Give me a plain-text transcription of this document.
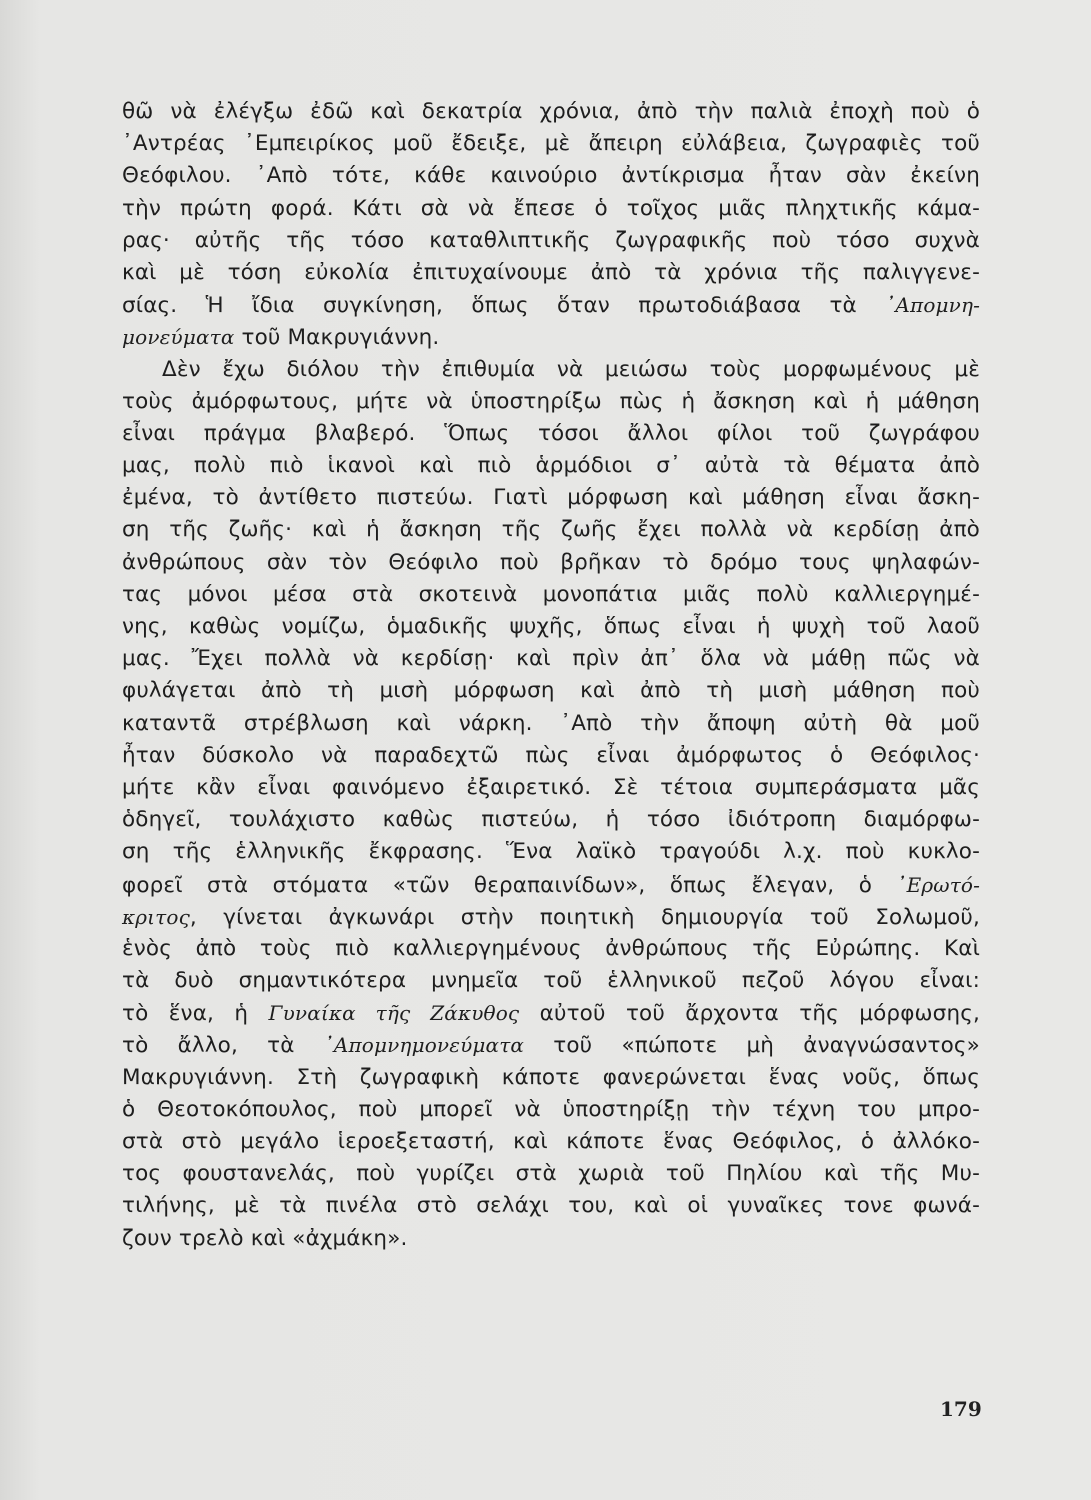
θῶ νὰ ἐλέγξω ἐδῶ καὶ δεκατρία χρόνια, ἀπὸ τὴν παλιὰ ἐποχὴ ποὺ ὁ
᾿Αντρέας ᾿Εμπειρίκος μοῦ ἔδειξε, μὲ ἄπειρη εὐλάβεια, ζωγραφιὲς τοῦ
Θεόφιλου. ᾿Απὸ τότε, κάθε καινούριο ἀντίκρισμα ἦταν σὰν ἐκείνη
τὴν πρώτη φορά. Κάτι σὰ νὰ ἔπεσε ὁ τοῖχος μιᾶς πληχτικῆς κάμα-
ρας· αὐτῆς τῆς τόσο καταθλιπτικῆς ζωγραφικῆς ποὺ τόσο συχνὰ
καὶ μὲ τόση εὐκολία ἐπιτυχαίνουμε ἀπὸ τὰ χρόνια τῆς παλιγγενε-
σίας. Ἡ ἴδια συγκίνηση, ὅπως ὅταν πρωτοδιάβασα τὰ ᾿Απομνη-
μονεύματα τοῦ Μακρυγιάννη.
Δὲν ἔχω διόλου τὴν ἐπιθυμία νὰ μειώσω τοὺς μορφωμένους μὲ
τοὺς ἀμόρφωτους, μήτε νὰ ὑποστηρίξω πὼς ἡ ἄσκηση καὶ ἡ μάθηση
εἶναι πράγμα βλαβερό. Ὅπως τόσοι ἄλλοι φίλοι τοῦ ζωγράφου
μας, πολὺ πιὸ ἱκανοὶ καὶ πιὸ ἁρμόδιοι σ᾿ αὐτὰ τὰ θέματα ἀπὸ
ἐμένα, τὸ ἀντίθετο πιστεύω. Γιατὶ μόρφωση καὶ μάθηση εἶναι ἄσκη-
ση τῆς ζωῆς· καὶ ἡ ἄσκηση τῆς ζωῆς ἔχει πολλὰ νὰ κερδίσῃ ἀπὸ
ἀνθρώπους σὰν τὸν Θεόφιλο ποὺ βρῆκαν τὸ δρόμο τους ψηλαφών-
τας μόνοι μέσα στὰ σκοτεινὰ μονοπάτια μιᾶς πολὺ καλλιεργημέ-
νης, καθὼς νομίζω, ὁμαδικῆς ψυχῆς, ὅπως εἶναι ἡ ψυχὴ τοῦ λαοῦ
μας. Ἔχει πολλὰ νὰ κερδίσῃ· καὶ πρὶν ἀπ᾿ ὅλα νὰ μάθῃ πῶς νὰ
φυλάγεται ἀπὸ τὴ μισὴ μόρφωση καὶ ἀπὸ τὴ μισὴ μάθηση ποὺ
καταντᾶ στρέβλωση καὶ νάρκη. ᾿Απὸ τὴν ἄποψη αὐτὴ θὰ μοῦ
ἦταν δύσκολο νὰ παραδεχτῶ πὼς εἶναι ἀμόρφωτος ὁ Θεόφιλος·
μήτε κἂν εἶναι φαινόμενο ἐξαιρετικό. Σὲ τέτοια συμπεράσματα μᾶς
ὁδηγεῖ, τουλάχιστο καθὼς πιστεύω, ἡ τόσο ἰδιότροπη διαμόρφω-
ση τῆς ἑλληνικῆς ἔκφρασης. Ἕνα λαϊκὸ τραγούδι λ.χ. ποὺ κυκλο-
φορεῖ στὰ στόματα «τῶν θεραπαινίδων», ὅπως ἔλεγαν, ὁ ᾿Ερωτό-
κριτος, γίνεται ἀγκωνάρι στὴν ποιητικὴ δημιουργία τοῦ Σολωμοῦ,
ἑνὸς ἀπὸ τοὺς πιὸ καλλιεργημένους ἀνθρώπους τῆς Εὐρώπης. Καὶ
τὰ δυὸ σημαντικότερα μνημεῖα τοῦ ἑλληνικοῦ πεζοῦ λόγου εἶναι:
τὸ ἕνα, ἡ Γυναίκα τῆς Ζάκυθος αὐτοῦ τοῦ ἄρχοντα τῆς μόρφωσης,
τὸ ἄλλο, τὰ ᾿Απομνημονεύματα τοῦ «πώποτε μὴ ἀναγνώσαντος»
Μακρυγιάννη. Στὴ ζωγραφικὴ κάποτε φανερώνεται ἕνας νοῦς, ὅπως
ὁ Θεοτοκόπουλος, ποὺ μπορεῖ νὰ ὑποστηρίξῃ τὴν τέχνη του μπρο-
στὰ στὸ μεγάλο ἱεροεξεταστή, καὶ κάποτε ἕνας Θεόφιλος, ὁ ἀλλόκο-
τος φουστανελάς, ποὺ γυρίζει στὰ χωριὰ τοῦ Πηλίου καὶ τῆς Μυ-
τιλήνης, μὲ τὰ πινέλα στὸ σελάχι του, καὶ οἱ γυναῖκες τονε φωνά-
ζουν τρελὸ καὶ «ἀχμάκη».
179
